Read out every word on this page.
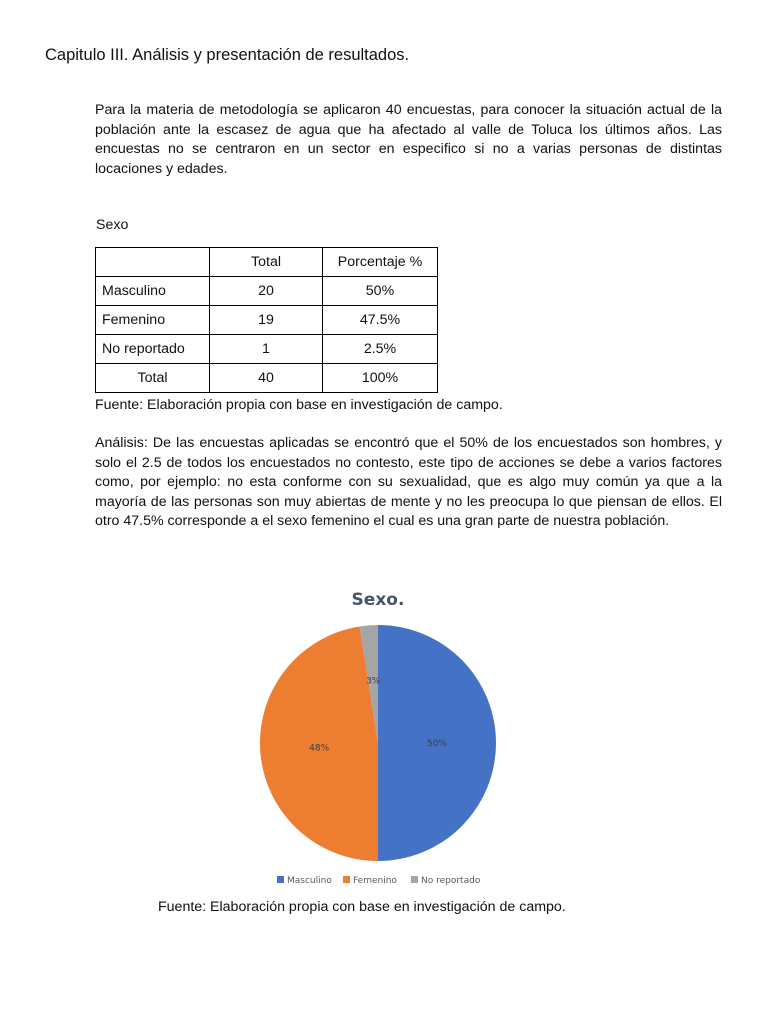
Capitulo III. Análisis y presentación de resultados.

Para la materia de metodología se aplicaron 40 encuestas, para conocer la situación actual de la población ante la escasez de agua que ha afectado al valle de Toluca los últimos años. Las encuestas no se centraron en un sector en especifico si no a varias personas de distintas locaciones y edades.

Sexo

	Total	Porcentaje %
Masculino	20	50%
Femenino	19	47.5%
No reportado	1	2.5%
Total	40	100%

Fuente: Elaboración propia con base en investigación de campo.

Análisis: De las encuestas aplicadas se encontró que el 50% de los encuestados son hombres, y solo el 2.5 de todos los encuestados no contesto, este tipo de acciones se debe a varios factores como, por ejemplo: no esta conforme con su sexualidad, que es algo muy común ya que a la mayoría de las personas son muy abiertas de mente y no les preocupa lo que piensan de ellos. El otro 47.5% corresponde a el sexo femenino el cual es una gran parte de nuestra población.

Sexo.
50%
48%
3%
Masculino Femenino	No reportado

Fuente: Elaboración propia con base en investigación de campo.
